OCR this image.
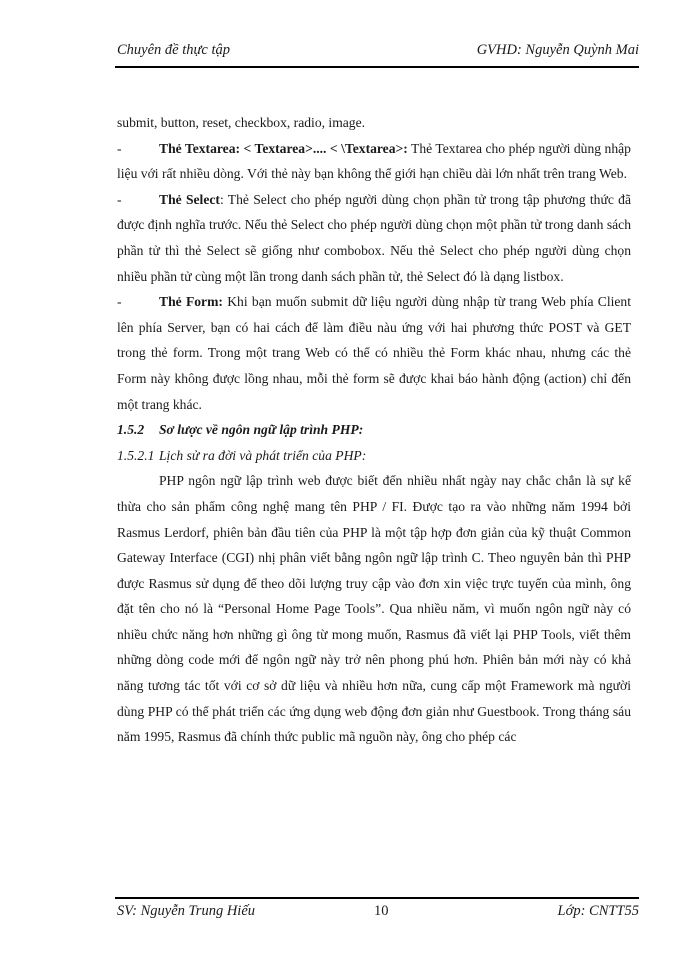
Chuyên đề thực tập	GVHD: Nguyễn Quỳnh Mai

submit, button, reset, checkbox, radio, image.

-	Thẻ Textarea: < Textarea>.... < \Textarea>: Thẻ Textarea cho phép người dùng nhập liệu với rất nhiều dòng. Với thẻ này bạn không thể giới hạn chiều dài lớn nhất trên trang Web.

-	Thẻ Select: Thẻ Select cho phép người dùng chọn phần tử trong tập phương thức đã được định nghĩa trước. Nếu thẻ Select cho phép người dùng chọn một phần tử trong danh sách phần tử thì thẻ Select sẽ giống như combobox. Nếu thẻ Select cho phép người dùng chọn nhiều phần tử cùng một lần trong danh sách phần tử, thẻ Select đó là dạng listbox.

-	Thẻ Form: Khi bạn muốn submit dữ liệu người dùng nhập từ trang Web phía Client lên phía Server, bạn có hai cách để làm điều nàu ứng với hai phương thức POST và GET trong thẻ form. Trong một trang Web có thể có nhiều thẻ Form khác nhau, nhưng các thẻ Form này không được lồng nhau, mỗi thẻ form sẽ được khai báo hành động (action) chỉ đến một trang khác.

1.5.2 Sơ lược về ngôn ngữ lập trình PHP:

1.5.2.1 Lịch sử ra đời và phát triển của PHP:

PHP ngôn ngữ lập trình web được biết đến nhiều nhất ngày nay chắc chắn là sự kế thừa cho sản phẩm công nghệ mang tên PHP / FI. Được tạo ra vào những năm 1994 bởi Rasmus Lerdorf, phiên bản đầu tiên của PHP là một tập hợp đơn giản của kỹ thuật Common Gateway Interface (CGI) nhị phân viết bằng ngôn ngữ lập trình C. Theo nguyên bản thì PHP được Rasmus sử dụng để theo dõi lượng truy cập vào đơn xin việc trực tuyến của mình, ông đặt tên cho nó là “Personal Home Page Tools”. Qua nhiều năm, vì muốn ngôn ngữ này có nhiều chức năng hơn những gì ông từ mong muốn, Rasmus đã viết lại PHP Tools, viết thêm những dòng code mới để ngôn ngữ này trở nên phong phú hơn. Phiên bản mới này có khả năng tương tác tốt với cơ sở dữ liệu và nhiều hơn nữa, cung cấp một Framework mà người dùng PHP có thể phát triển các ứng dụng web động đơn giản như Guestbook. Trong tháng sáu năm 1995, Rasmus đã chính thức public mã nguồn này, ông cho phép các

SV: Nguyễn Trung Hiếu	10	Lớp: CNTT55
